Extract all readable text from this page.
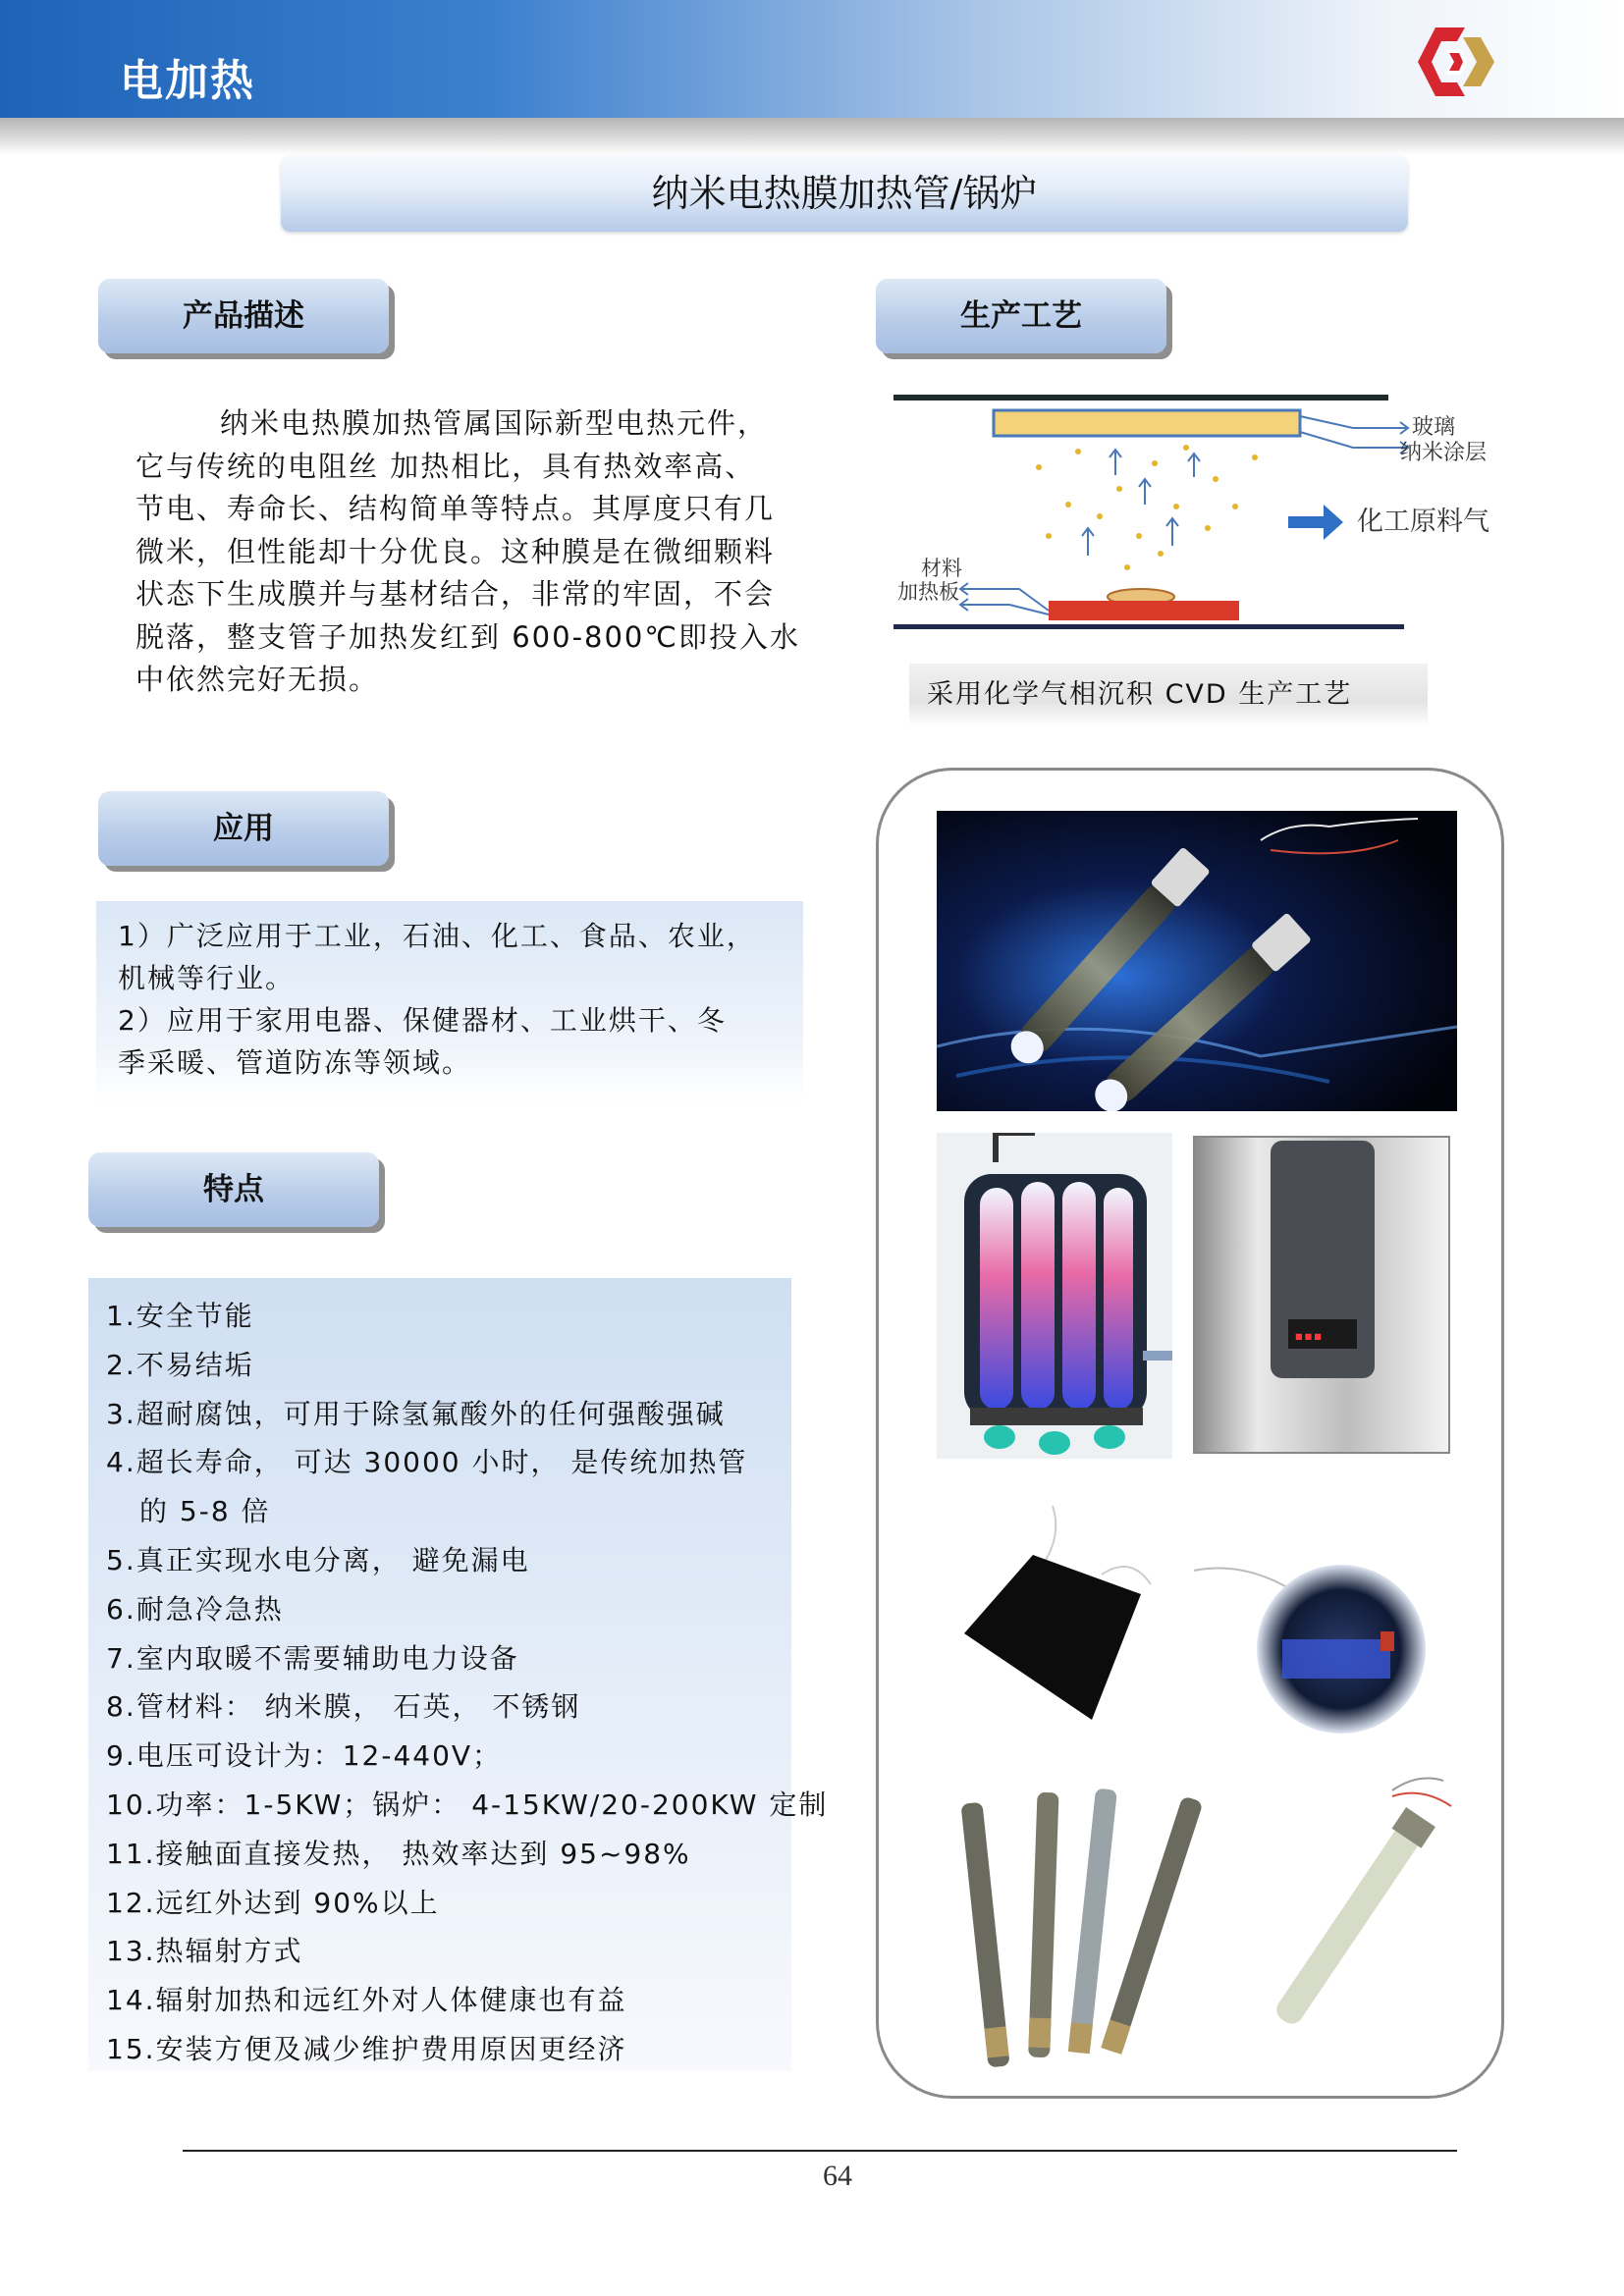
电加热
纳米电热膜加热管/锅炉
产品描述	生产工艺
应用
特点
纳米电热膜加热管属国际新型电热元件，
它与传统的电阻丝 加热相比，具有热效率高、
节电、寿命长、结构简单等特点。其厚度只有几
微米，但性能却十分优良。这种膜是在微细颗料
状态下生成膜并与基材结合，非常的牢固，不会
脱落，整支管子加热发红到 600-800℃即投入水
中依然完好无损。
1）广泛应用于工业，石油、化工、食品、农业，
机械等行业。
2）应用于家用电器、保健器材、工业烘干、冬
季采暖、管道防冻等领域。
1.安全节能
2.不易结垢
3.超耐腐蚀，可用于除氢氟酸外的任何强酸强碱
4.超长寿命， 可达 30000 小时， 是传统加热管
的 5-8 倍
5.真正实现水电分离， 避免漏电
6.耐急冷急热
7.室内取暖不需要辅助电力设备
8.管材料： 纳米膜， 石英， 不锈钢
9.电压可设计为：12-440V；
10.功率：1-5KW；锅炉： 4-15KW/20-200KW 定制
11.接触面直接发热， 热效率达到 95~98%
12.远红外达到 90%以上
13.热辐射方式
14.辐射加热和远红外对人体健康也有益
15.安装方便及减少维护费用原因更经济
玻璃
纳米涂层
化工原料气
材料
加热板
采用化学气相沉积 CVD 生产工艺
▪▪▪
64
